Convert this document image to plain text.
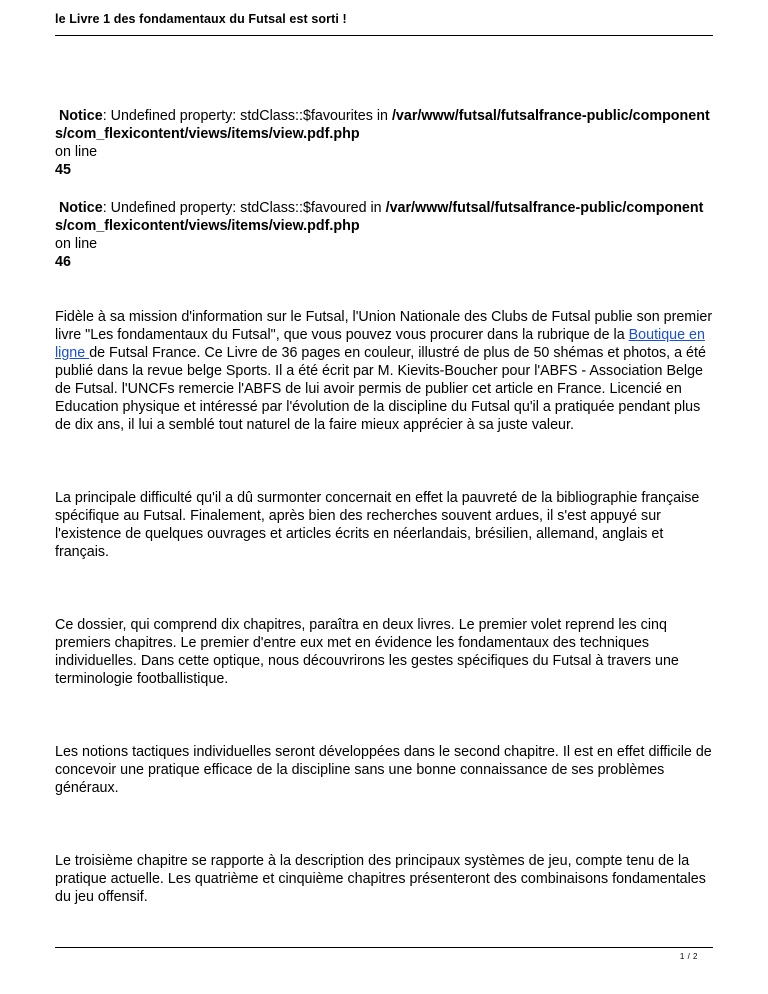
le Livre 1 des fondamentaux du Futsal est sorti !
Notice: Undefined property: stdClass::$favourites in /var/www/futsal/futsalfrance-public/components/com_flexicontent/views/items/view.pdf.php
on line
45
Notice: Undefined property: stdClass::$favoured in /var/www/futsal/futsalfrance-public/components/com_flexicontent/views/items/view.pdf.php
on line
46

Fidèle à sa mission d'information sur le Futsal, l'Union Nationale des Clubs de Futsal publie son premier livre "Les fondamentaux du Futsal", que vous pouvez vous procurer dans la rubrique de la Boutique en ligne de Futsal France. Ce Livre de 36 pages en couleur, illustré de plus de 50 shémas et photos, a été publié dans la revue belge Sports. Il a été écrit par M. Kievits-Boucher pour l'ABFS - Association Belge de Futsal. l'UNCFs remercie l'ABFS de lui avoir permis de publier cet article en France. Licencié en Education physique et intéressé par l'évolution de la discipline du Futsal qu'il a pratiquée pendant plus de dix ans, il lui a semblé tout naturel de la faire mieux apprécier à sa juste valeur.

La principale difficulté qu'il a dû surmonter concernait en effet la pauvreté de la bibliographie française spécifique au Futsal. Finalement, après bien des recherches souvent ardues, il s'est appuyé sur l'existence de quelques ouvrages et articles écrits en néerlandais, brésilien, allemand, anglais et français.

Ce dossier, qui comprend dix chapitres, paraîtra en deux livres. Le premier volet reprend les cinq premiers chapitres. Le premier d'entre eux met en évidence les fondamentaux des techniques individuelles. Dans cette optique, nous découvrirons les gestes spécifiques du Futsal à travers une terminologie footballistique.

Les notions tactiques individuelles seront développées dans le second chapitre. Il est en effet difficile de concevoir une pratique efficace de la discipline sans une bonne connaissance de ses problèmes généraux.

Le troisième chapitre se rapporte à la description des principaux systèmes de jeu, compte tenu de la pratique actuelle. Les quatrième et cinquième chapitres présenteront des combinaisons fondamentales du jeu offensif.

1 / 2
